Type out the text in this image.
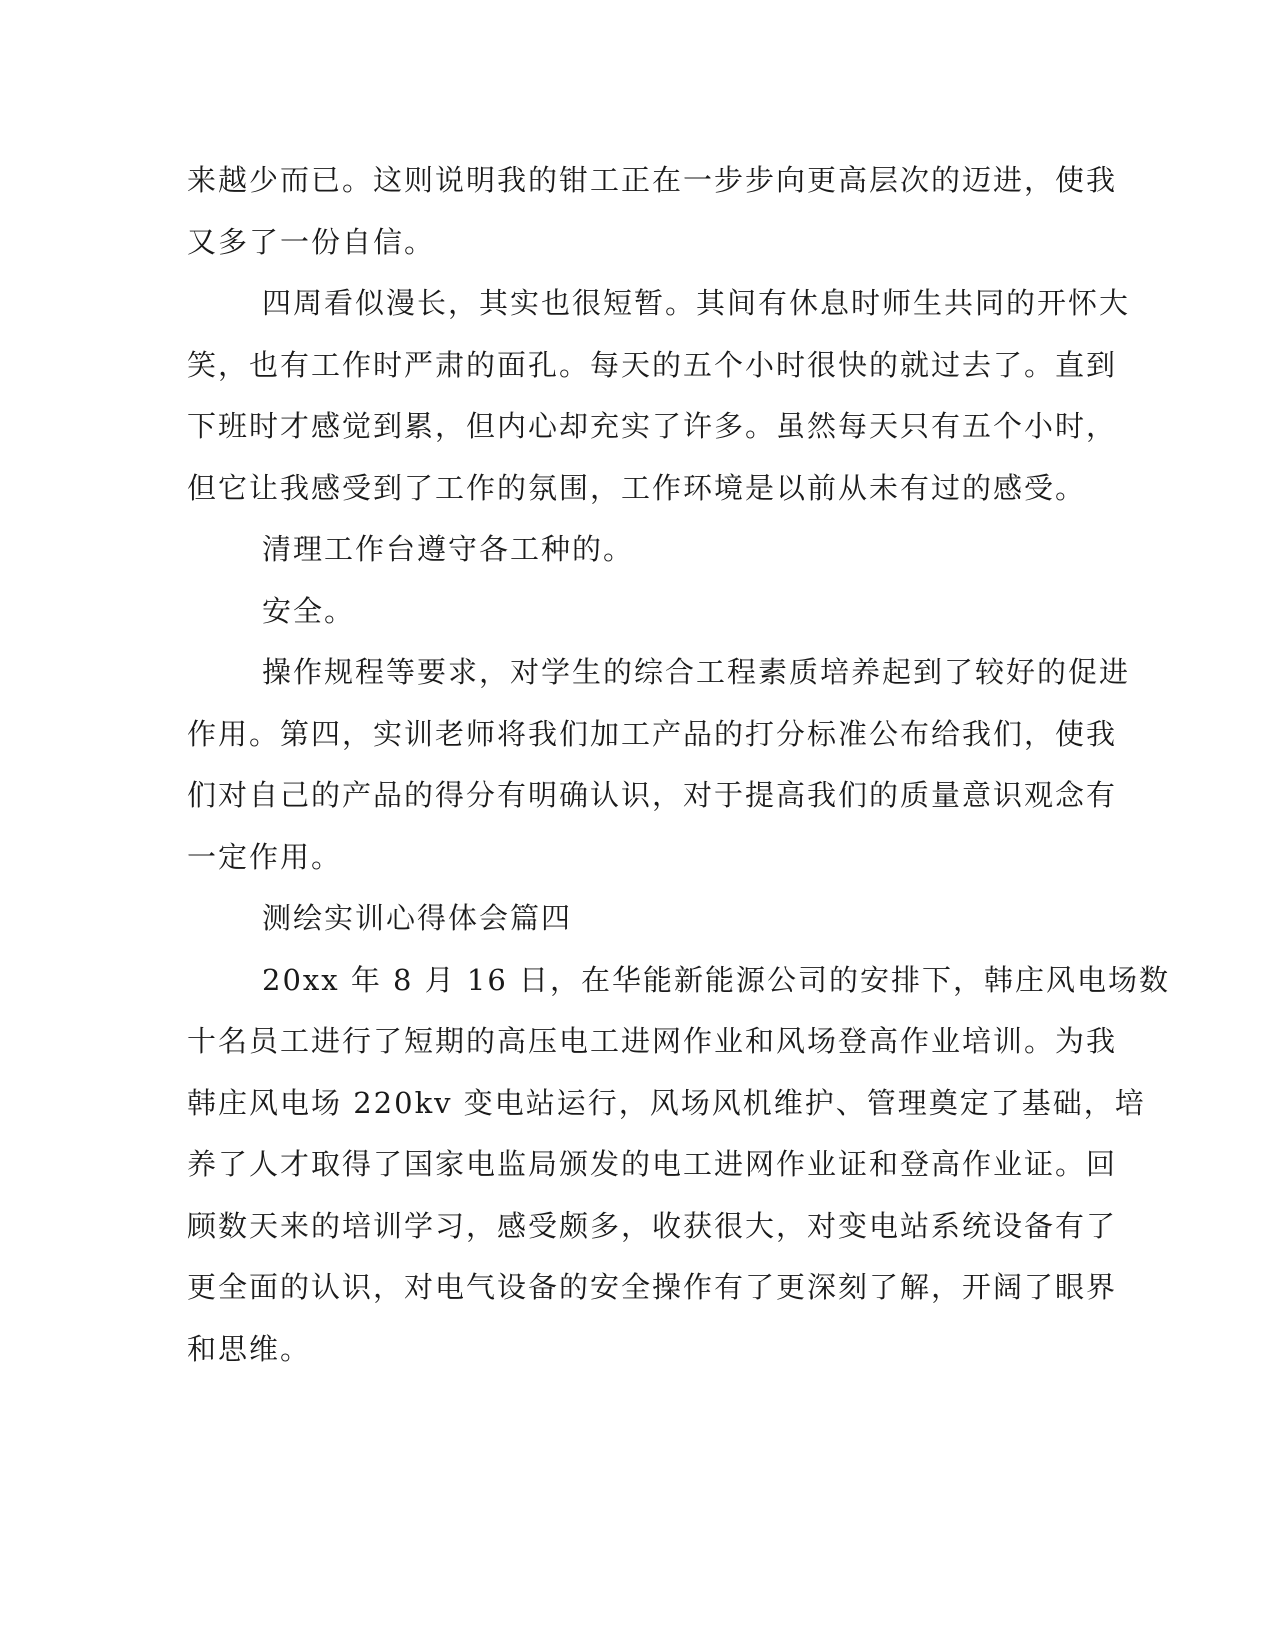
来越少而已。这则说明我的钳工正在一步步向更高层次的迈进，使我
又多了一份自信。
四周看似漫长，其实也很短暂。其间有休息时师生共同的开怀大
笑，也有工作时严肃的面孔。每天的五个小时很快的就过去了。直到
下班时才感觉到累，但内心却充实了许多。虽然每天只有五个小时，
但它让我感受到了工作的氛围，工作环境是以前从未有过的感受。
清理工作台遵守各工种的。
安全。
操作规程等要求，对学生的综合工程素质培养起到了较好的促进
作用。第四，实训老师将我们加工产品的打分标准公布给我们，使我
们对自己的产品的得分有明确认识，对于提高我们的质量意识观念有
一定作用。
测绘实训心得体会篇四
20xx 年 8 月 16 日，在华能新能源公司的安排下，韩庄风电场数
十名员工进行了短期的高压电工进网作业和风场登高作业培训。为我
韩庄风电场 220kv 变电站运行，风场风机维护、管理奠定了基础，培
养了人才取得了国家电监局颁发的电工进网作业证和登高作业证。回
顾数天来的培训学习，感受颇多，收获很大，对变电站系统设备有了
更全面的认识，对电气设备的安全操作有了更深刻了解，开阔了眼界
和思维。
